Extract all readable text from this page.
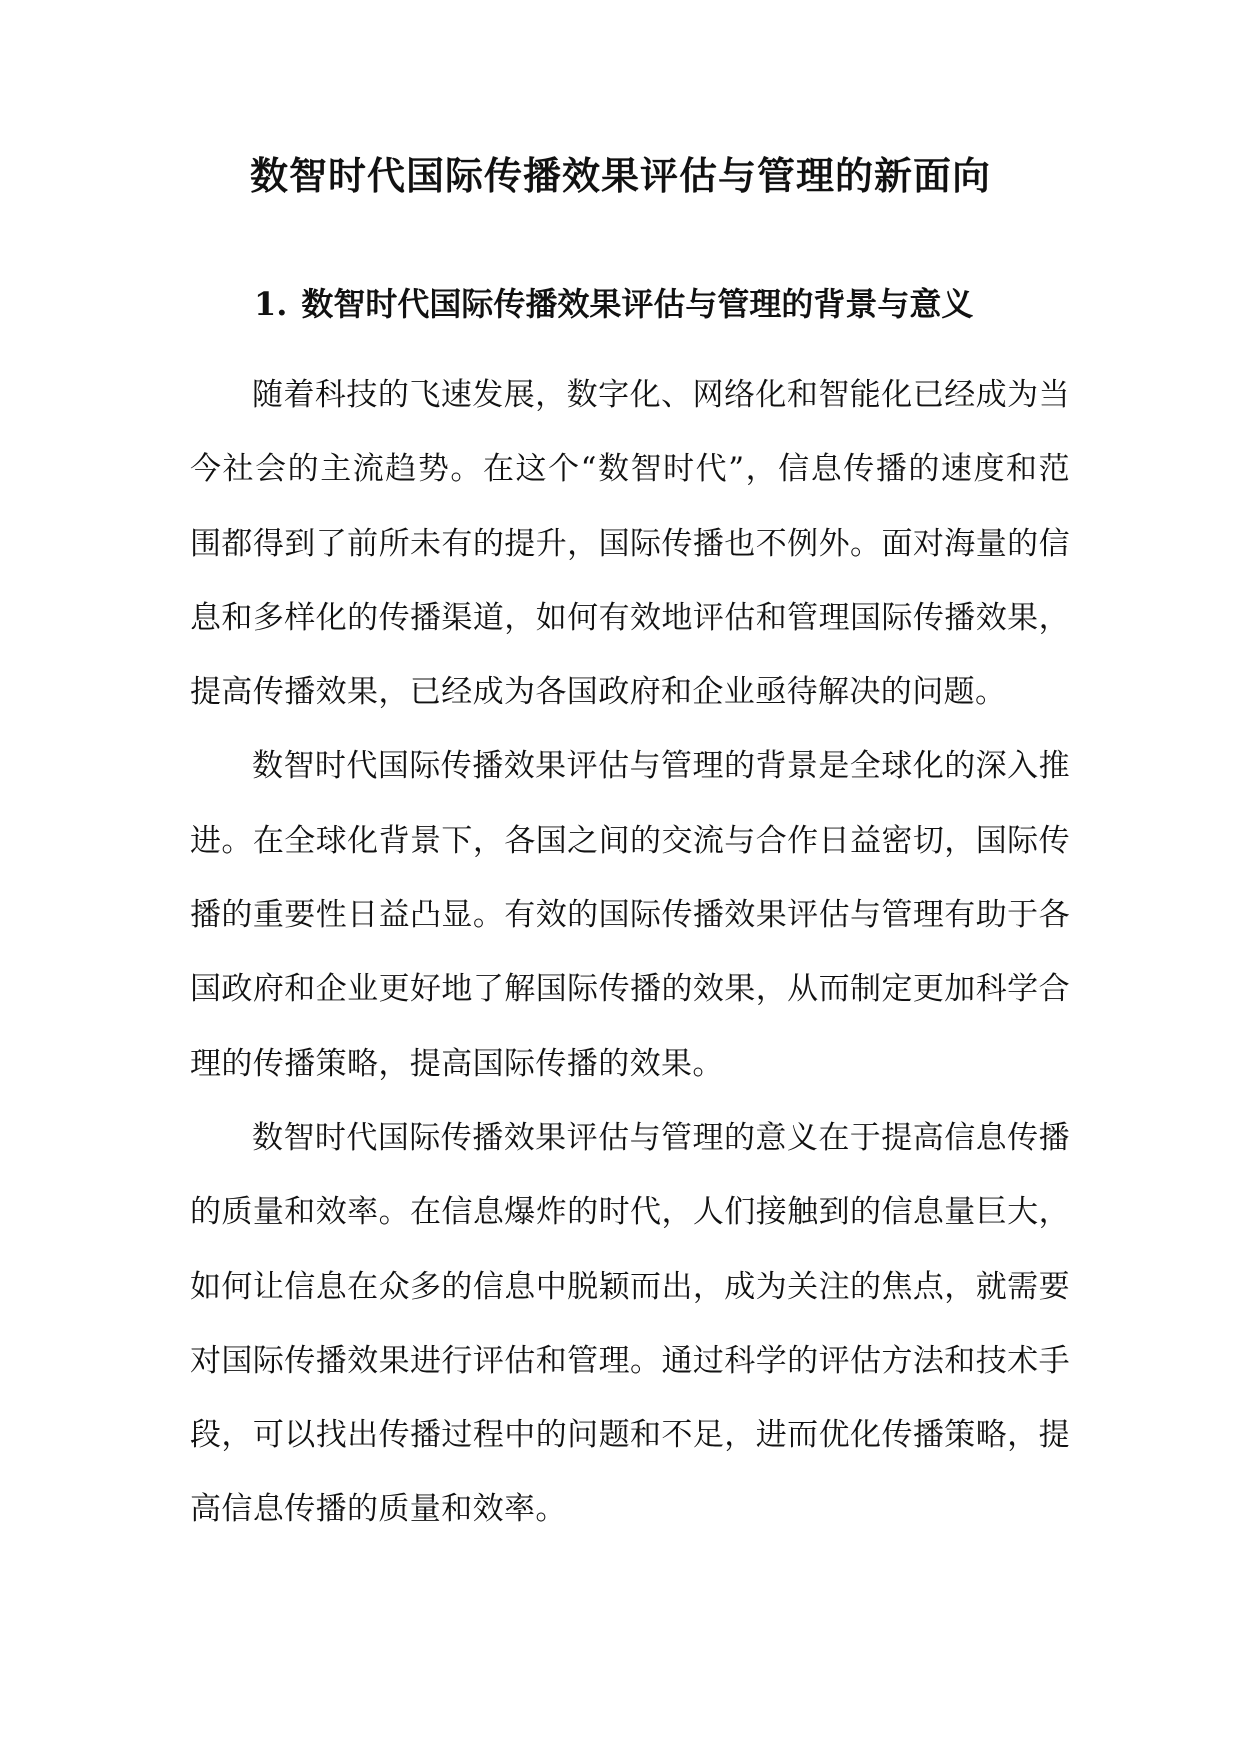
数智时代国际传播效果评估与管理的新面向
1. 数智时代国际传播效果评估与管理的背景与意义

随着科技的飞速发展，数字化、网络化和智能化已经成为当今社会的主流趋势。在这个“数智时代”，信息传播的速度和范围都得到了前所未有的提升，国际传播也不例外。面对海量的信息和多样化的传播渠道，如何有效地评估和管理国际传播效果，提高传播效果，已经成为各国政府和企业亟待解决的问题。

数智时代国际传播效果评估与管理的背景是全球化的深入推进。在全球化背景下，各国之间的交流与合作日益密切，国际传播的重要性日益凸显。有效的国际传播效果评估与管理有助于各国政府和企业更好地了解国际传播的效果，从而制定更加科学合理的传播策略，提高国际传播的效果。

数智时代国际传播效果评估与管理的意义在于提高信息传播的质量和效率。在信息爆炸的时代，人们接触到的信息量巨大，如何让信息在众多的信息中脱颖而出，成为关注的焦点，就需要对国际传播效果进行评估和管理。通过科学的评估方法和技术手段，可以找出传播过程中的问题和不足，进而优化传播策略，提高信息传播的质量和效率。
